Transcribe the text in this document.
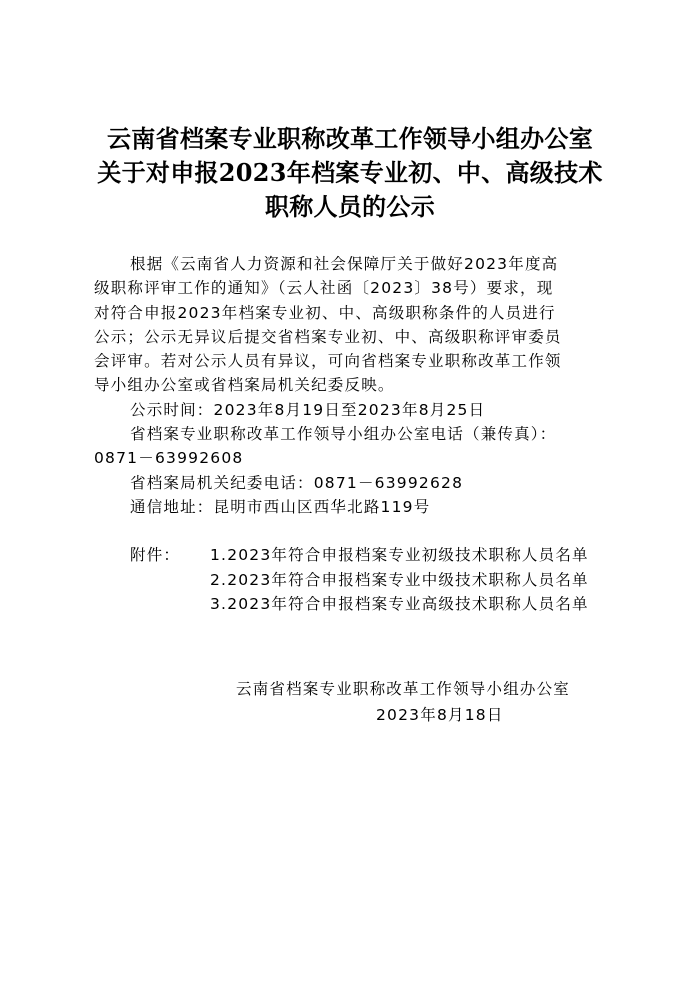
云南省档案专业职称改革工作领导小组办公室
关于对申报2023年档案专业初、中、高级技术
职称人员的公示
根据《云南省人力资源和社会保障厅关于做好2023年度高
级职称评审工作的通知》（云人社函〔2023〕38号）要求，现
对符合申报2023年档案专业初、中、高级职称条件的人员进行
公示；公示无异议后提交省档案专业初、中、高级职称评审委员
会评审。若对公示人员有异议，可向省档案专业职称改革工作领
导小组办公室或省档案局机关纪委反映。
公示时间：2023年8月19日至2023年8月25日
省档案专业职称改革工作领导小组办公室电话（兼传真）：
0871－63992608
省档案局机关纪委电话：0871－63992628
通信地址：昆明市西山区西华北路119号
附件： 1.2023年符合申报档案专业初级技术职称人员名单
2.2023年符合申报档案专业中级技术职称人员名单
3.2023年符合申报档案专业高级技术职称人员名单
云南省档案专业职称改革工作领导小组办公室
2023年8月18日
